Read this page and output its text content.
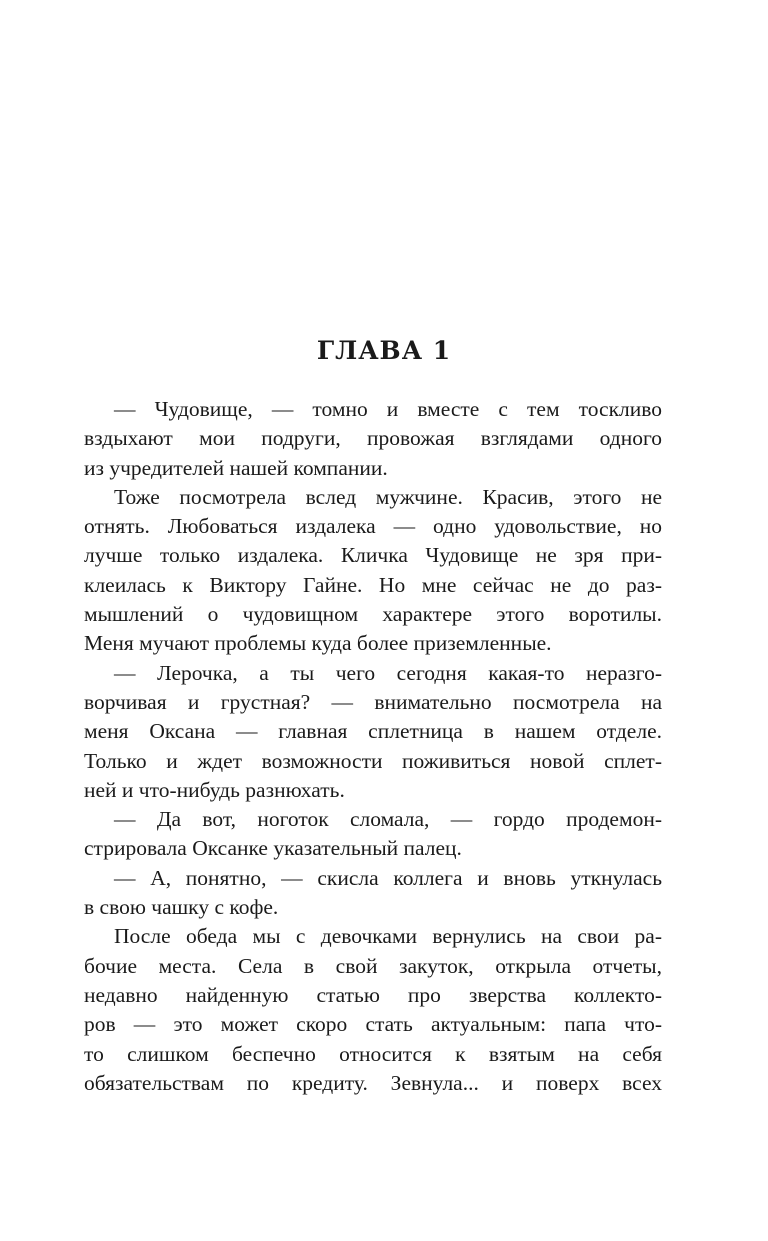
ГЛАВА 1
— Чудовище, — томно и вместе с тем тоскливо
вздыхают мои подруги, провожая взглядами одного
из учредителей нашей компании.
Тоже посмотрела вслед мужчине. Красив, этого не
отнять. Любоваться издалека — одно удовольствие, но
лучше только издалека. Кличка Чудовище не зря при-
клеилась к Виктору Гайне. Но мне сейчас не до раз-
мышлений о чудовищном характере этого воротилы.
Меня мучают проблемы куда более приземленные.
— Лерочка, а ты чего сегодня какая-то неразго-
ворчивая и грустная? — внимательно посмотрела на
меня Оксана — главная сплетница в нашем отделе.
Только и ждет возможности поживиться новой сплет-
ней и что-нибудь разнюхать.
— Да вот, ноготок сломала, — гордо продемон-
стрировала Оксанке указательный палец.
— А, понятно, — скисла коллега и вновь уткнулась
в свою чашку с кофе.
После обеда мы с девочками вернулись на свои ра-
бочие места. Села в свой закуток, открыла отчеты,
недавно найденную статью про зверства коллекто-
ров — это может скоро стать актуальным: папа что-
то слишком беспечно относится к взятым на себя
обязательствам по кредиту. Зевнула... и поверх всех
